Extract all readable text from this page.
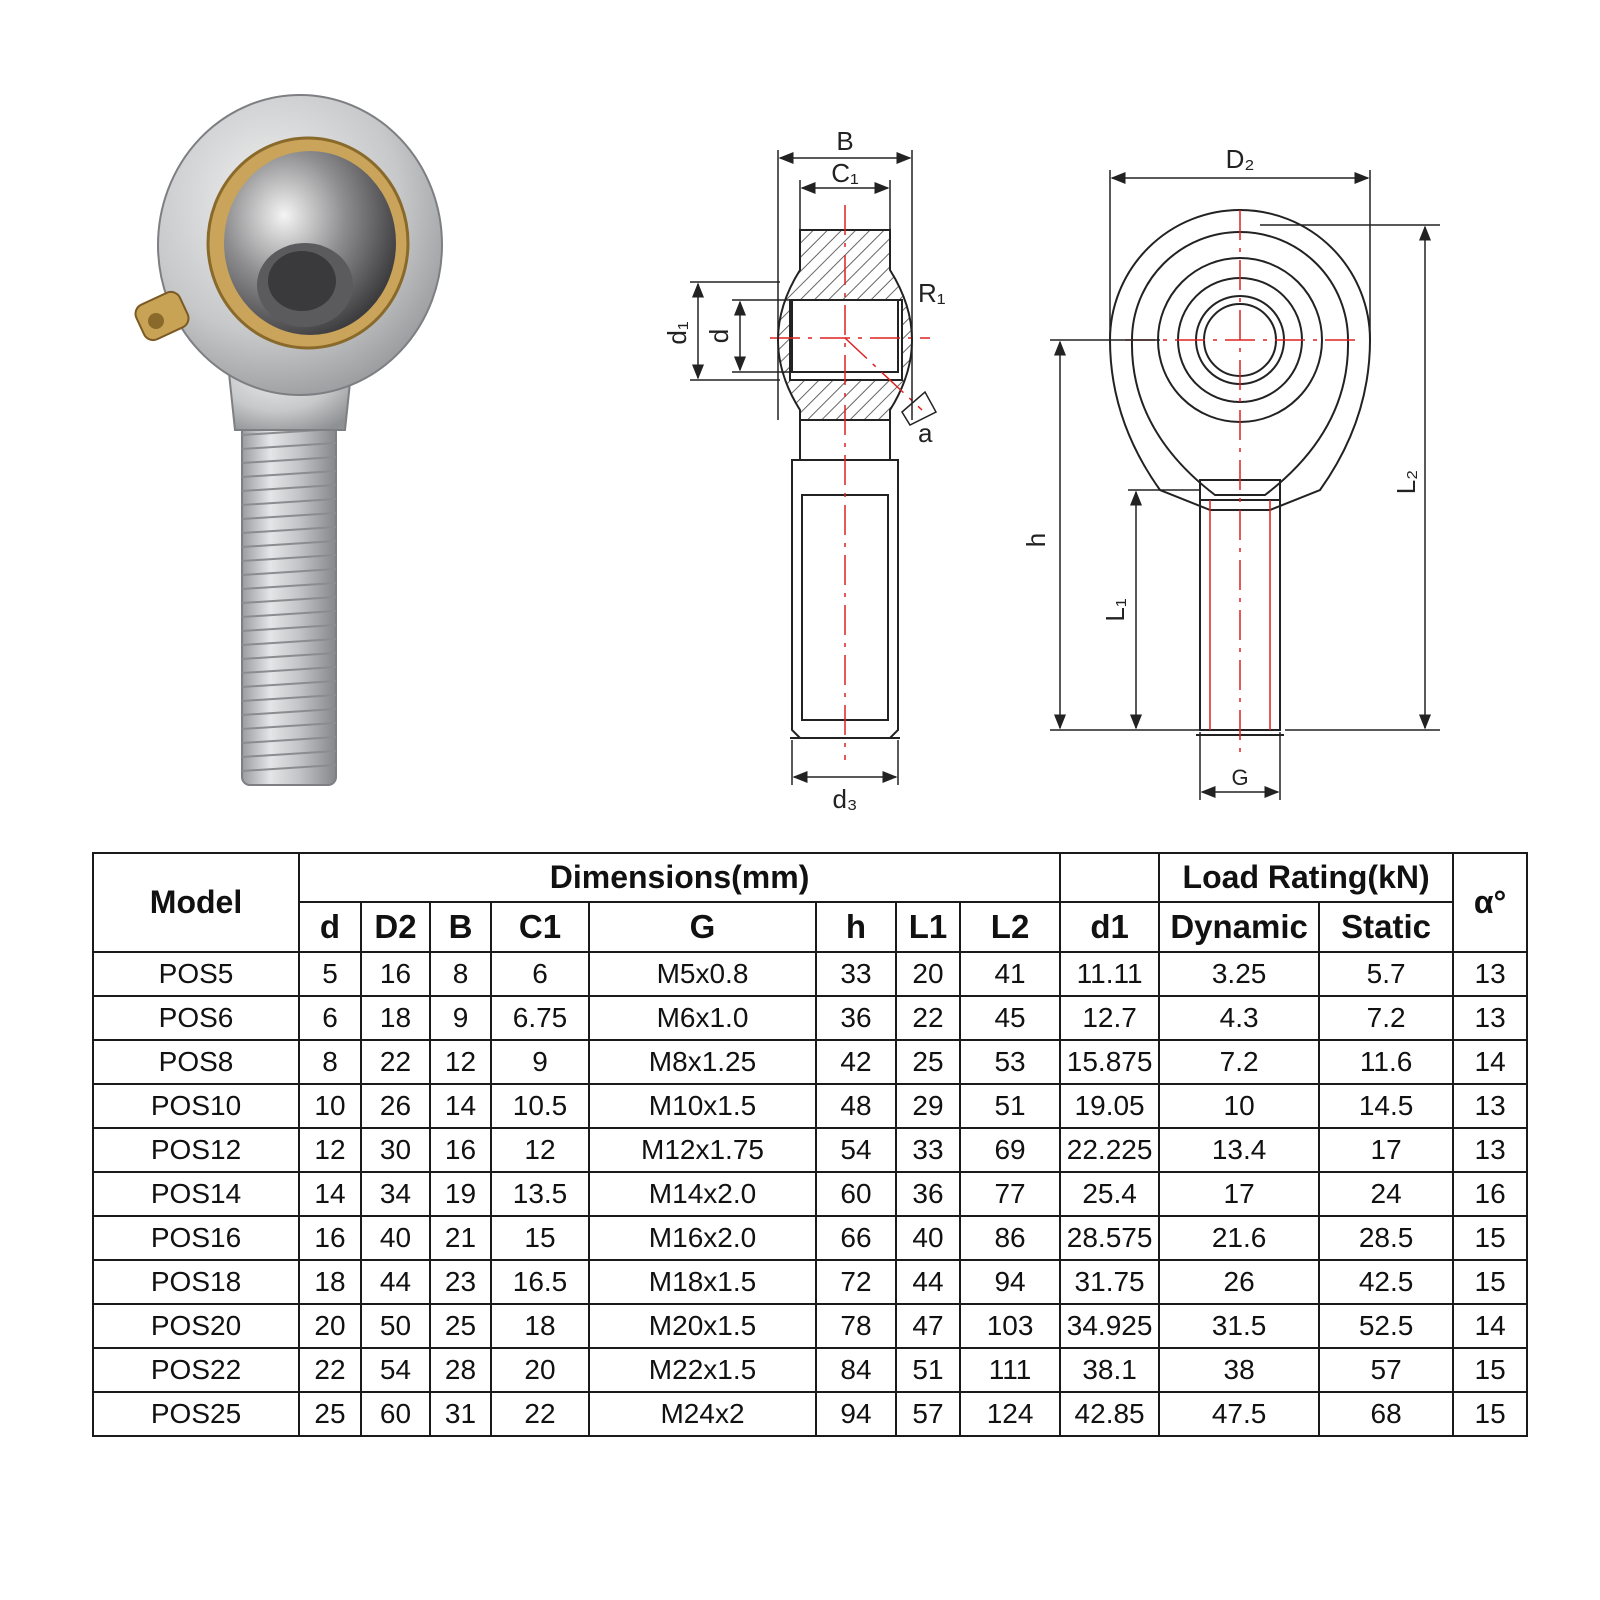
B
C₁
R₁
d₁ d
a
d₃
D₂
h
L₁
L₂
G
Model	Dimensions(mm)									Load Rating(kN)		α°
	d	D2	B	C1	G	h	L1	L2	d1	Dynamic	Static	
POS5	5	16	8	6	M5x0.8	33	20	41	11.11	3.25	5.7	13
POS6	6	18	9	6.75	M6x1.0	36	22	45	12.7	4.3	7.2	13
POS8	8	22	12	9	M8x1.25	42	25	53	15.875	7.2	11.6	14
POS10	10	26	14	10.5	M10x1.5	48	29	51	19.05	10	14.5	13
POS12	12	30	16	12	M12x1.75	54	33	69	22.225	13.4	17	13
POS14	14	34	19	13.5	M14x2.0	60	36	77	25.4	17	24	16
POS16	16	40	21	15	M16x2.0	66	40	86	28.575	21.6	28.5	15
POS18	18	44	23	16.5	M18x1.5	72	44	94	31.75	26	42.5	15
POS20	20	50	25	18	M20x1.5	78	47	103	34.925	31.5	52.5	14
POS22	22	54	28	20	M22x1.5	84	51	111	38.1	38	57	15
POS25	25	60	31	22	M24x2	94	57	124	42.85	47.5	68	15
